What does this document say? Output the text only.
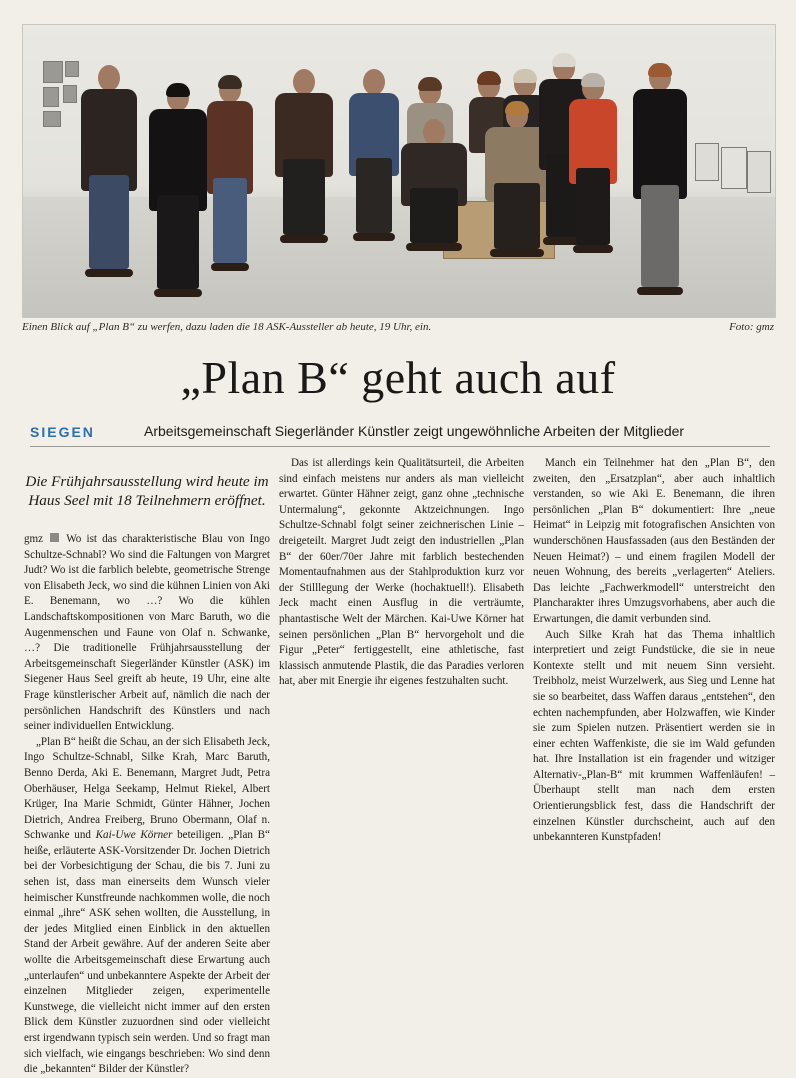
Einen Blick auf „Plan B“ zu werfen, dazu laden die 18 ASK-Aussteller ab heute, 19 Uhr, ein.	Foto: gmz
„Plan B“ geht auch auf
SIEGEN	Arbeitsgemeinschaft Siegerländer Künstler zeigt ungewöhnliche Arbeiten der Mitglieder
Die Frühjahrsausstellung wird heute im Haus Seel mit 18 Teilnehmern eröffnet.

gmz Wo ist das charakteristische Blau von Ingo Schultze-Schnabl? Wo sind die Faltungen von Margret Judt? Wo ist die farblich belebte, geometrische Strenge von Elisabeth Jeck, wo sind die kühnen Linien von Aki E. Benemann, wo …? Wo die kühlen Landschaftskompositionen von Marc Baruth, wo die Augenmenschen und Faune von Olaf n. Schwanke, …? Die traditionelle Frühjahrsausstellung der Arbeitsgemeinschaft Siegerländer Künstler (ASK) im Siegener Haus Seel greift ab heute, 19 Uhr, eine alte Frage künstlerischer Arbeit auf, nämlich die nach der persönlichen Handschrift des Künstlers und nach seiner individuellen Entwicklung.

„Plan B“ heißt die Schau, an der sich Elisabeth Jeck, Ingo Schultze-Schnabl, Silke Krah, Marc Baruth, Benno Derda, Aki E. Benemann, Margret Judt, Petra Oberhäuser, Helga Seekamp, Helmut Riekel, Albert Krüger, Ina Marie Schmidt, Günter Hähner, Jochen Dietrich, Andrea Freiberg, Bruno Obermann, Olaf n. Schwanke und Kai-Uwe Körner beteiligen. „Plan B“ heiße, erläuterte ASK-Vorsitzender Dr. Jochen Dietrich bei der Vorbesichtigung der Schau, die bis 7. Juni zu sehen ist, dass man einerseits dem Wunsch vieler heimischer Kunstfreunde nachkommen wolle, die noch einmal „ihre“ ASK sehen wollten, die Ausstellung, in der jedes Mitglied einen Einblick in den aktuellen Stand der Arbeit gewähre. Auf der anderen Seite aber wollte die Arbeitsgemeinschaft diese Erwartung auch „unterlaufen“ und unbekanntere Aspekte der Arbeit der einzelnen Mitglieder zeigen, experimentelle Kunstwege, die vielleicht nicht immer auf den ersten Blick dem Künstler zuzuordnen sind oder vielleicht erst irgendwann typisch sein werden. Und so fragt man sich vielfach, wie eingangs beschrieben: Wo sind denn die „bekannten“ Bilder der Künstler?

Das ist allerdings kein Qualitätsurteil, die Arbeiten sind einfach meistens nur anders als man vielleicht erwartet. Günter Hähner zeigt, ganz ohne „technische Untermalung“, gekonnte Aktzeichnungen. Ingo Schultze-Schnabl folgt seiner zeichnerischen Linie – dreigeteilt. Margret Judt zeigt den industriellen „Plan B“ der 60er/70er Jahre mit farblich bestechenden Momentaufnahmen aus der Stahlproduktion kurz vor der Stilllegung der Werke (hochaktuell!). Elisabeth Jeck macht einen Ausflug in die verträumte, phantastische Welt der Märchen. Kai-Uwe Körner hat seinen persönlichen „Plan B“ hervorgeholt und die Figur „Peter“ fertiggestellt, eine athletische, fast klassisch anmutende Plastik, die das Paradies verloren hat, aber mit Energie ihr eigenes festzuhalten sucht.

Manch ein Teilnehmer hat den „Plan B“, den zweiten, den „Ersatzplan“, aber auch inhaltlich verstanden, so wie Aki E. Benemann, die ihren persönlichen „Plan B“ dokumentiert: Ihre „neue Heimat“ in Leipzig mit fotografischen Ansichten von wunderschönen Hausfassaden (aus den Beständen der Neuen Heimat?) – und einem fragilen Modell der neuen Wohnung, des bereits „verlagerten“ Ateliers. Das leichte „Fachwerkmodell“ unterstreicht den Plancharakter ihres Umzugsvorhabens, aber auch die Erwartungen, die damit verbunden sind.

Auch Silke Krah hat das Thema inhaltlich interpretiert und zeigt Fundstücke, die sie in neue Kontexte stellt und mit neuem Sinn versieht. Treibholz, meist Wurzelwerk, aus Sieg und Lenne hat sie so bearbeitet, dass Waffen daraus „entstehen“, den echten nachempfunden, aber Holzwaffen, wie Kinder sie zum Spielen nutzen. Präsentiert werden sie in einer echten Waffenkiste, die sie im Wald gefunden hat. Ihre Installation ist ein fragender und witziger Alternativ-„Plan-B“ mit krummen Waffenläufen! – Überhaupt stellt man nach dem ersten Orientierungsblick fest, dass die Handschrift der einzelnen Künstler durchscheint, auch auf den unbekannteren Kunstpfaden!
